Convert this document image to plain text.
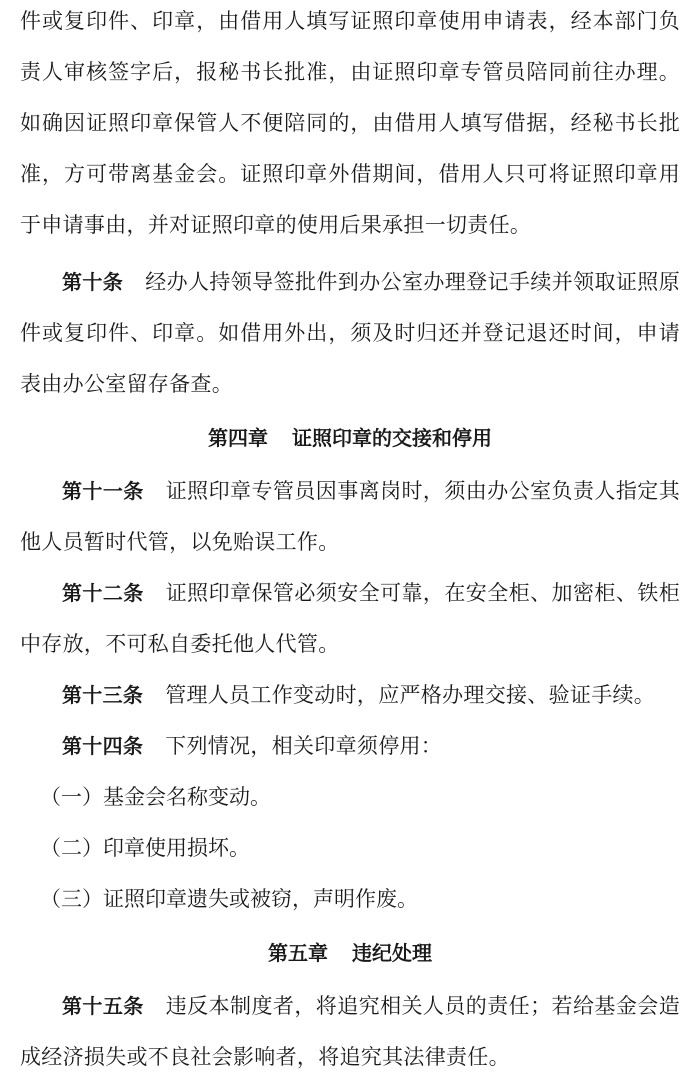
件或复印件、印章，由借用人填写证照印章使用申请表，经本部门负责人审核签字后，报秘书长批准，由证照印章专管员陪同前往办理。如确因证照印章保管人不便陪同的，由借用人填写借据，经秘书长批准，方可带离基金会。证照印章外借期间，借用人只可将证照印章用于申请事由，并对证照印章的使用后果承担一切责任。

第十条 经办人持领导签批件到办公室办理登记手续并领取证照原件或复印件、印章。如借用外出，须及时归还并登记退还时间，申请表由办公室留存备查。

第四章 证照印章的交接和停用

第十一条 证照印章专管员因事离岗时，须由办公室负责人指定其他人员暂时代管，以免贻误工作。

第十二条 证照印章保管必须安全可靠，在安全柜、加密柜、铁柜中存放，不可私自委托他人代管。

第十三条 管理人员工作变动时，应严格办理交接、验证手续。

第十四条 下列情况，相关印章须停用：

（一）基金会名称变动。

（二）印章使用损坏。

（三）证照印章遗失或被窃，声明作废。

第五章 违纪处理

第十五条 违反本制度者，将追究相关人员的责任；若给基金会造成经济损失或不良社会影响者，将追究其法律责任。
